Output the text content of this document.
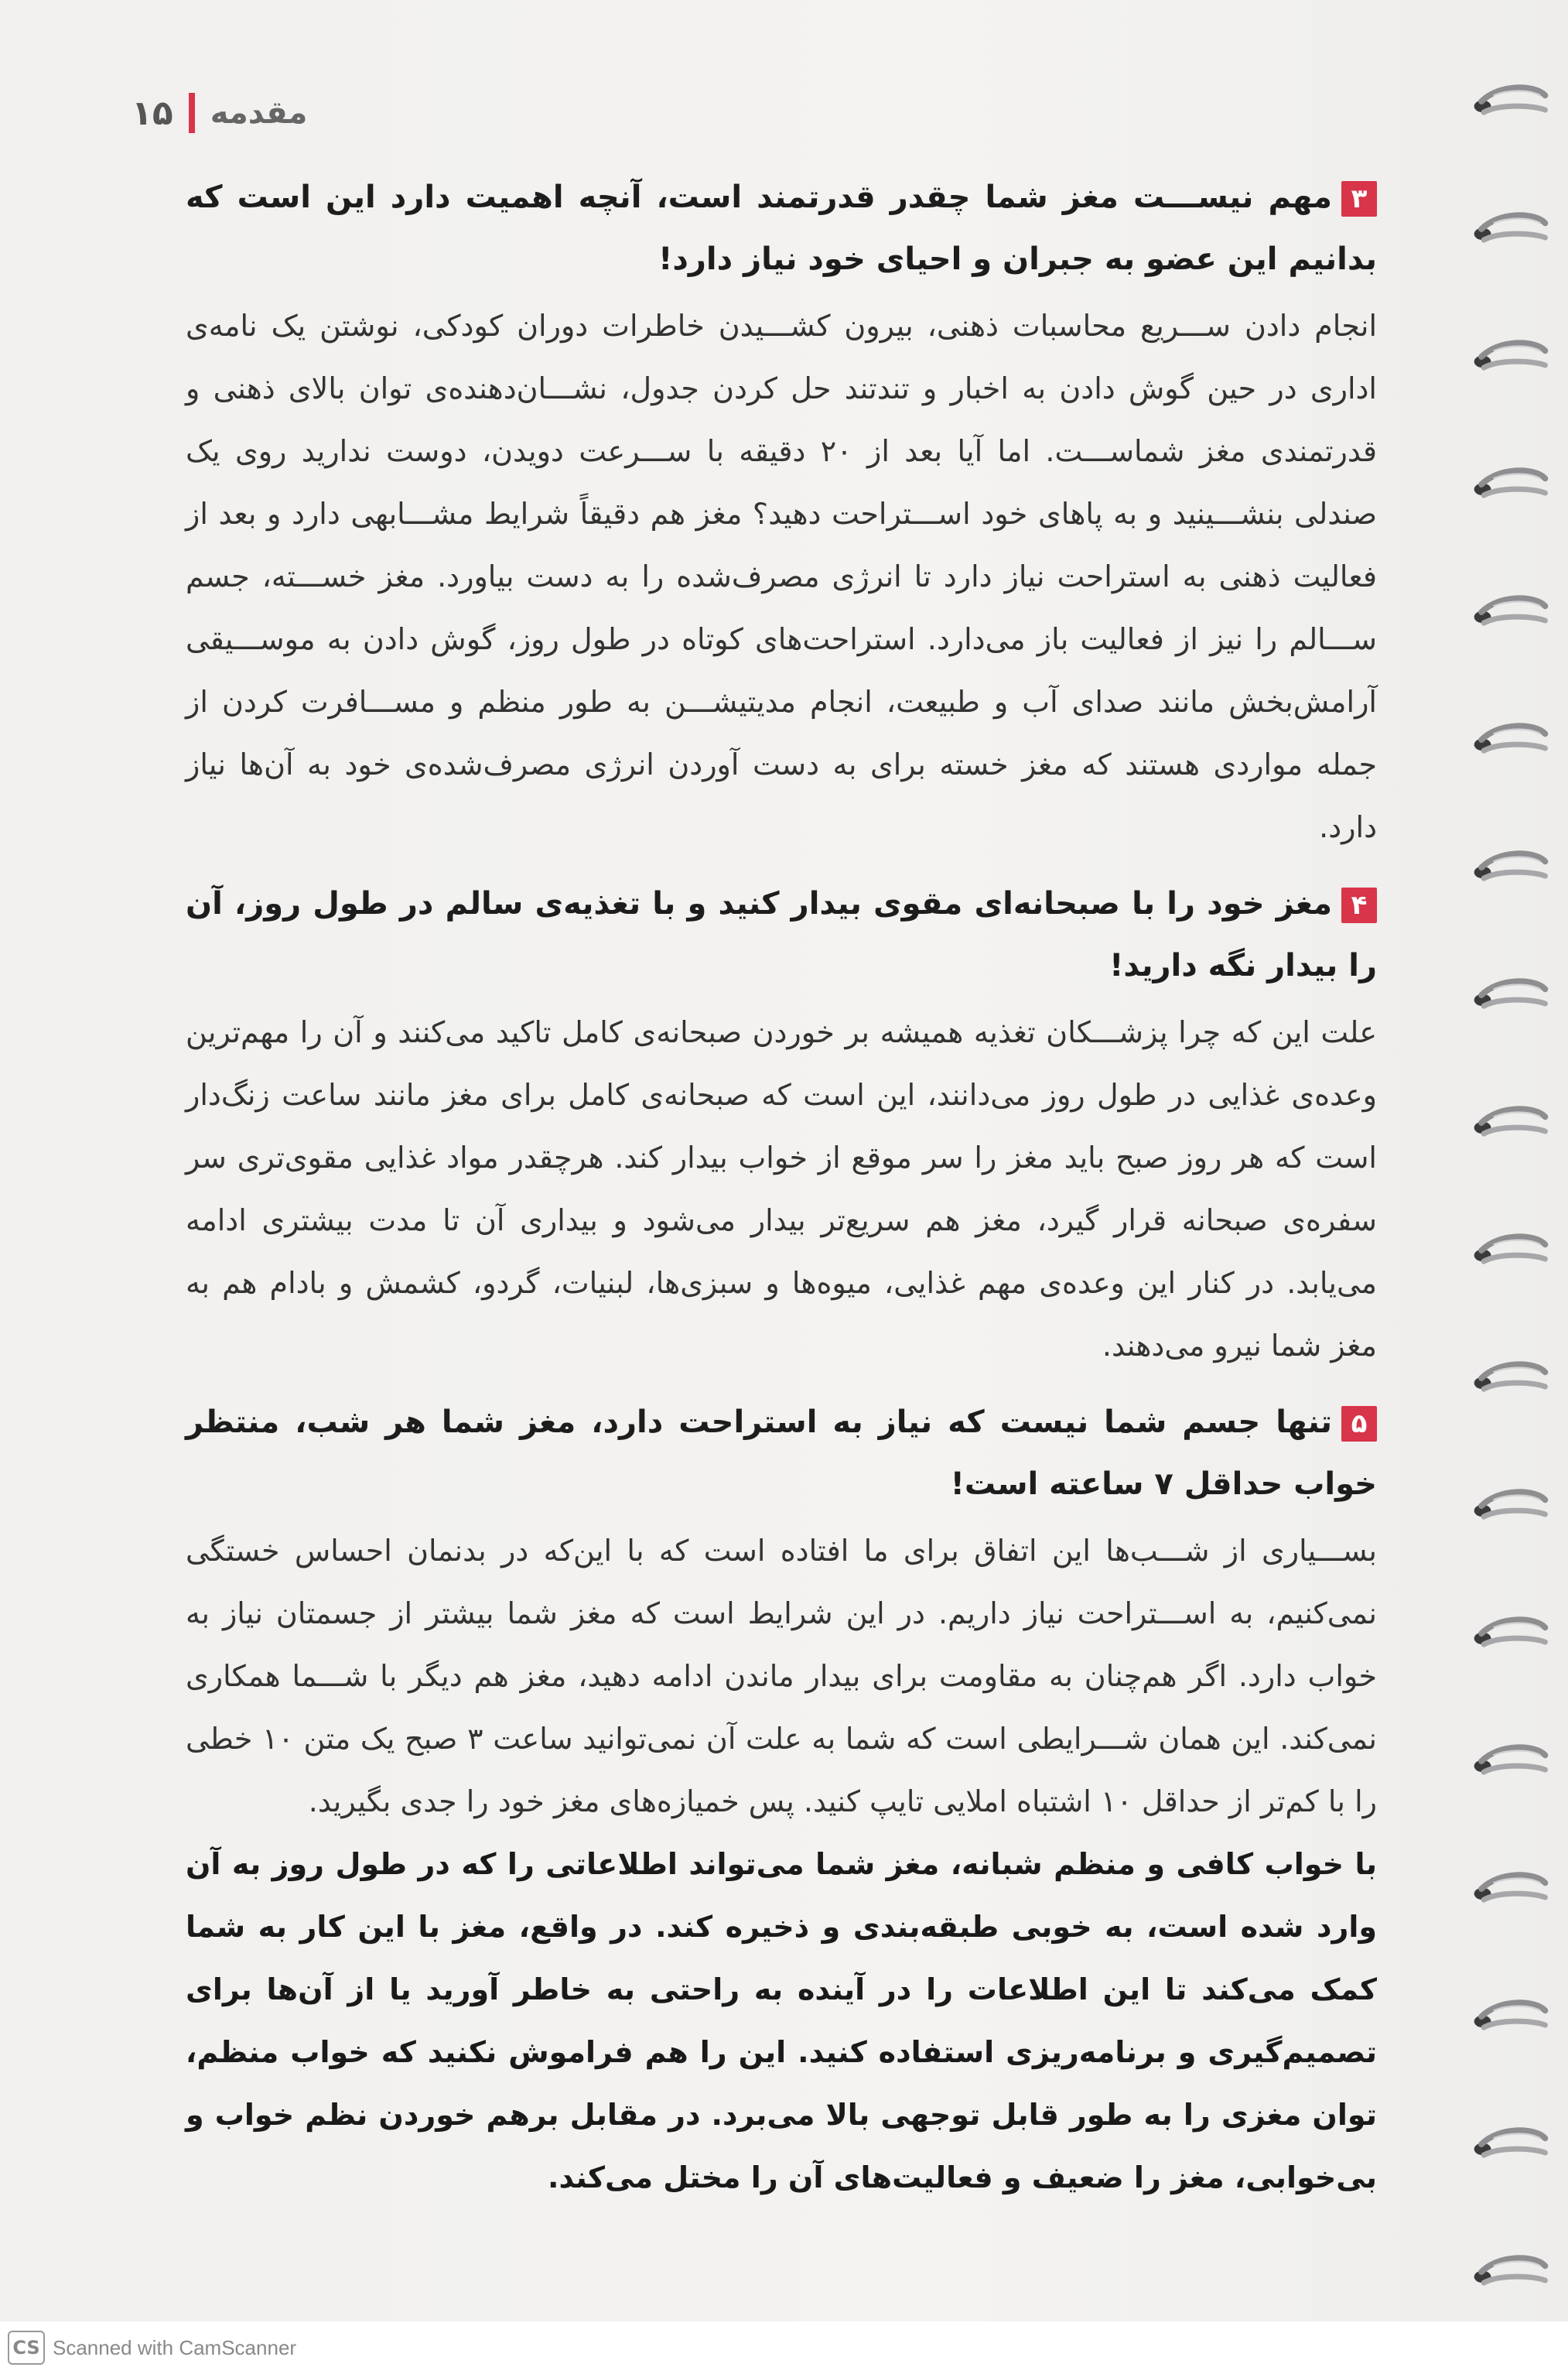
۱۵ مقدمه

۳مهم نیســـت مغز شما چقدر قدرتمند است، آنچه اهمیت دارد این است که بدانیم این عضو به جبران و احیای خود نیاز دارد!

انجام دادن ســـریع محاسبات ذهنی، بیرون کشـــیدن خاطرات دوران کودکی، نوشتن یک نامه‌ی اداری در حین گوش دادن به اخبار و تندتند حل کردن جدول، نشـــان‌دهنده‌ی توان بالای ذهنی و قدرتمندی مغز شماســـت. اما آیا بعد از ۲۰ دقیقه با ســـرعت دویدن، دوست ندارید روی یک صندلی بنشـــینید و به پاهای خود اســـتراحت دهید؟ مغز هم دقیقاً شرایط مشـــابهی دارد و بعد از فعالیت ذهنی به استراحت نیاز دارد تا انرژی مصرف‌شده را به دست بیاورد. مغز خســـته، جسم ســـالم را نیز از فعالیت باز می‌دارد. استراحت‌های کوتاه در طول روز، گوش دادن به موســـیقی آرامش‌بخش مانند صدای آب و طبیعت، انجام مدیتیشـــن به طور منظم و مســـافرت کردن از جمله مواردی هستند که مغز خسته برای به دست آوردن انرژی مصرف‌شده‌ی خود به آن‌ها نیاز دارد.

۴مغز خود را با صبحانه‌ای مقوی بیدار کنید و با تغذیه‌ی سالم در طول روز، آن را بیدار نگه دارید!

علت این که چرا پزشـــکان تغذیه همیشه بر خوردن صبحانه‌ی کامل تاکید می‌کنند و آن را مهم‌ترین وعده‌ی غذایی در طول روز می‌دانند، این است که صبحانه‌ی کامل برای مغز مانند ساعت زنگ‌دار است که هر روز صبح باید مغز را سر موقع از خواب بیدار کند. هرچقدر مواد غذایی مقوی‌تری سر سفره‌ی صبحانه قرار گیرد، مغز هم سریع‌تر بیدار می‌شود و بیداری آن تا مدت بیشتری ادامه می‌یابد. در کنار این وعده‌ی مهم غذایی، میوه‌ها و سبزی‌ها، لبنیات، گردو، کشمش و بادام هم به مغز شما نیرو می‌دهند.

۵تنها جسم شما نیست که نیاز به استراحت دارد، مغز شما هر شب، منتظر خواب حداقل ۷ ساعته است!

بســـیاری از شـــب‌ها این اتفاق برای ما افتاده است که با این‌که در بدنمان احساس خستگی نمی‌کنیم، به اســـتراحت نیاز داریم. در این شرایط است که مغز شما بیشتر از جسمتان نیاز به خواب دارد. اگر هم‌چنان به مقاومت برای بیدار ماندن ادامه دهید، مغز هم دیگر با شـــما همکاری نمی‌کند. این همان شـــرایطی است که شما به علت آن نمی‌توانید ساعت ۳ صبح یک متن ۱۰ خطی را با کم‌تر از حداقل ۱۰ اشتباه املایی تایپ کنید. پس خمیازه‌های مغز خود را جدی بگیرید.

با خواب کافی و منظم شبانه، مغز شما می‌تواند اطلاعاتی را که در طول روز به آن وارد شده است، به خوبی طبقه‌بندی و ذخیره کند. در واقع، مغز با این کار به شما کمک می‌کند تا این اطلاعات را در آینده به راحتی به خاطر آورید یا از آن‌ها برای تصمیم‌گیری و برنامه‌ریزی استفاده کنید. این را هم فراموش نکنید که خواب منظم، توان مغزی را به طور قابل توجهی بالا می‌برد. در مقابل برهم خوردن نظم خواب و بی‌خوابی، مغز را ضعیف و فعالیت‌های آن را مختل می‌کند.

CS Scanned with CamScanner
